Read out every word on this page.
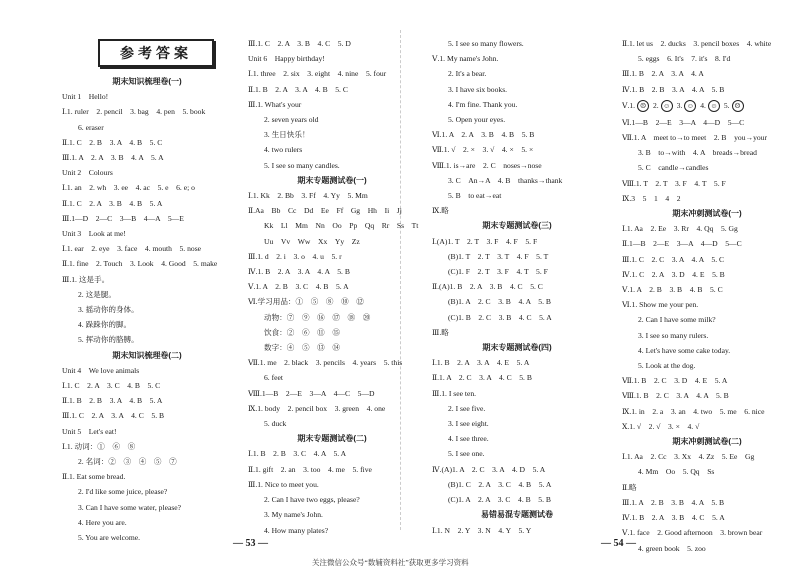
参考答案
期末知识梳理卷(一)
Unit 1　Hello!
Ⅰ.1. ruler　2. pencil　3. bag　4. pen　5. book
6. eraser
Ⅱ.1. C　2. B　3. A　4. B　5. C
Ⅲ.1. A　2. A　3. B　4. A　5. A
Unit 2　Colours
Ⅰ.1. an　2. wh　3. ee　4. ac　5. e　6. e; o
Ⅱ.1. C　2. A　3. B　4. B　5. A
Ⅲ.1—D　2—C　3—B　4—A　5—E
Unit 3　Look at me!
Ⅰ.1. ear　2. eye　3. face　4. mouth　5. nose
Ⅱ.1. fine　2. Touch　3. Look　4. Good　5. make
Ⅲ.1. 这是手。
2. 这是腿。
3. 摇动你的身体。
4. 跺跺你的脚。
5. 挥动你的胳膊。
期末知识梳理卷(二)
Unit 4　We love animals
Ⅰ.1. C　2. A　3. C　4. B　5. C
Ⅱ.1. B　2. B　3. A　4. B　5. A
Ⅲ.1. C　2. A　3. A　4. C　5. B
Unit 5　Let's eat!
Ⅰ.1. 动词：①　⑥　⑧
2. 名词：②　③　④　⑤　⑦
Ⅱ.1. Eat some bread.
2. I'd like some juice, please?
3. Can I have some water, please?
4. Here you are.
5. You are welcome.
Ⅲ.1. C　2. A　3. B　4. C　5. D
Unit 6　Happy birthday!
Ⅰ.1. three　2. six　3. eight　4. nine　5. four
Ⅱ.1. B　2. A　3. A　4. B　5. C
Ⅲ.1. What's your
2. seven years old
3. 生日快乐！
4. two rulers
5. I see so many candles.
期末专题测试卷(一)
Ⅰ.1. Kk　2. Bb　3. Ff　4. Yy　5. Mm
Ⅱ.Aa　Bb　Cc　Dd　Ee　Ff　Gg　Hh　Ii　Jj
Kk　Ll　Mm　Nn　Oo　Pp　Qq　Rr　Ss　Tt
Uu　Vv　Ww　Xx　Yy　Zz
Ⅲ.1. d　2. i　3. o　4. u　5. r
Ⅳ.1. B　2. A　3. A　4. A　5. B
Ⅴ.1. A　2. B　3. C　4. B　5. A
Ⅵ.学习用品：①　⑤　⑧　⑩　⑫
动物：⑦　⑨　⑯　⑰　⑱　⑳
饮食：②　⑥　⑪　⑮
数字：④　⑤　⑬　⑭
Ⅶ.1. me　2. black　3. pencils　4. years　5. this
6. feet
Ⅷ.1—B　2—E　3—A　4—C　5—D
Ⅸ.1. body　2. pencil box　3. green　4. one
5. duck
期末专题测试卷(二)
Ⅰ.1. B　2. B　3. C　4. A　5. A
Ⅱ.1. gift　2. an　3. too　4. me　5. five
Ⅲ.1. Nice to meet you.
2. Can I have two eggs, please?
3. My name's John.
4. How many plates?
5. I see so many flowers.
Ⅴ.1. My name's John.
2. It's a bear.
3. I have six books.
4. I'm fine. Thank you.
5. Open your eyes.
Ⅵ.1. A　2. A　3. B　4. B　5. B
Ⅶ.1. √　2. ×　3. √　4. ×　5. ×
Ⅷ.1. is→are　2. C　noses→nose
3. C　An→A　4. B　thanks→thank
5. B　to eat→eat
Ⅸ.略
期末专题测试卷(三)
Ⅰ.(A)1. T　2. T　3. F　4. F　5. F
(B)1. T　2. T　3. T　4. F　5. T
(C)1. F　2. T　3. F　4. T　5. F
Ⅱ.(A)1. B　2. A　3. B　4. C　5. C
(B)1. A　2. C　3. B　4. A　5. B
(C)1. B　2. C　3. B　4. C　5. A
Ⅲ.略
期末专题测试卷(四)
Ⅰ.1. B　2. A　3. A　4. E　5. A
Ⅱ.1. A　2. C　3. A　4. C　5. B
Ⅲ.1. I see ten.
2. I see five.
3. I see eight.
4. I see three.
5. I see one.
Ⅳ.(A)1. A　2. C　3. A　4. D　5. A
(B)1. C　2. A　3. C　4. B　5. A
(C)1. A　2. A　3. C　4. B　5. B
易错易混专题测试卷
Ⅰ.1. N　2. Y　3. N　4. Y　5. Y
Ⅱ.1. let us　2. ducks　3. pencil boxes　4. white
5. eggs　6. It's　7. it's　8. I'd
Ⅲ.1. B　2. A　3. A　4. A
Ⅳ.1. B　2. B　3. A　4. A　5. B
Ⅴ.1. ☹ 2. ☺ 3. ☺ 4. ☺ 5. ☹
Ⅵ.1—B　2—E　3—A　4—D　5—C
Ⅶ.1. A　meet to→to meet　2. B　you→your
3. B　to→with　4. A　breads→bread
5. C　candle→candles
Ⅷ.1. T　2. T　3. F　4. T　5. F
Ⅸ.3　5　1　4　2
期末冲刺测试卷(一)
Ⅰ.1. Aa　2. Ee　3. Rr　4. Qq　5. Gg
Ⅱ.1—B　2—E　3—A　4—D　5—C
Ⅲ.1. C　2. C　3. A　4. A　5. C
Ⅳ.1. C　2. A　3. D　4. E　5. B
Ⅴ.1. A　2. B　3. B　4. B　5. C
Ⅵ.1. Show me your pen.
2. Can I have some milk?
3. I see so many rulers.
4. Let's have some cake today.
5. Look at the dog.
Ⅶ.1. B　2. C　3. D　4. E　5. A
Ⅷ.1. B　2. C　3. A　4. A　5. B
Ⅸ.1. in　2. a　3. an　4. two　5. me　6. nice
Ⅹ.1. √　2. √　3. ×　4. √
期末冲刺测试卷(二)
Ⅰ.1. Aa　2. Cc　3. Xx　4. Zz　5. Ee　Gg
4. Mm　Oo　5. Qq　Ss
Ⅱ.略
Ⅲ.1. A　2. B　3. B　4. A　5. B
Ⅳ.1. B　2. A　3. B　4. C　5. A
Ⅴ.1. face　2. Good afternoon　3. brown bear
4. green book　5. zoo
— 53 —	— 54 —
关注微信公众号“数辅资料社”获取更多学习资料
